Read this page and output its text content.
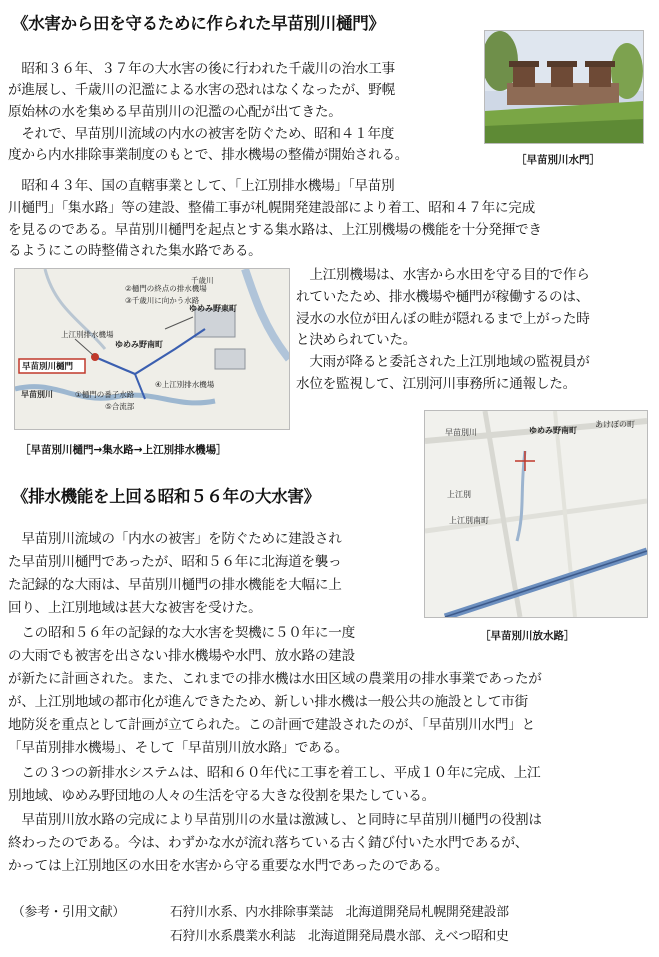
《水害から田を守るために作られた早苗別川樋門》
［早苗別川水門］
　昭和３６年、３７年の大水害の後に行われた千歳川の治水工事
が進展し、千歳川の氾濫による水害の恐れはなくなったが、野幌
原始林の水を集める早苗別川の氾濫の心配が出てきた。
　それで、早苗別川流域の内水の被害を防ぐため、昭和４１年度
度から内水排除事業制度のもとで、排水機場の整備が開始される。
　昭和４３年、国の直轄事業として、「上江別排水機場」「早苗別
川樋門」「集水路」等の建設、整備工事が札幌開発建設部により着工、昭和４７年に完成
を見るのである。早苗別川樋門を起点とする集水路は、上江別機場の機能を十分発揮でき
るようにこの時整備された集水路である。
　上江別機場は、水害から水田を守る目的で作ら
れていたため、排水機場や樋門が稼働するのは、
浸水の水位が田んぼの畦が隠れるまで上がった時
と決められていた。
　大雨が降ると委託された上江別地域の監視員が
水位を監視して、江別河川事務所に通報した。
千歳川
②樋門の終点の排水機場
③千歳川に向かう水路
ゆめみ野東町
ゆめみ野南町
上江別排水機場
④上江別排水機場
①樋門の番子水路
⑤合流部
早苗別川
早苗別川樋門
［早苗別川樋門→集水路→上江別排水機場］
《排水機能を上回る昭和５６年の大水害》
早苗別川	ゆめみ野南町
あけぼの町
上江別
上江別南町
［早苗別川放水路］
　早苗別川流域の「内水の被害」を防ぐために建設され
た早苗別川樋門であったが、昭和５６年に北海道を襲っ
た記録的な大雨は、早苗別川樋門の排水機能を大幅に上
回り、上江別地域は甚大な被害を受けた。
　この昭和５６年の記録的な大水害を契機に５０年に一度
の大雨でも被害を出さない排水機場や水門、放水路の建設
が新たに計画された。また、これまでの排水機は水田区域の農業用の排水事業であったが
が、上江別地域の都市化が進んできたため、新しい排水機は一般公共の施設として市街
地防災を重点として計画が立てられた。この計画で建設されたのが、「早苗別川水門」と
「早苗別排水機場」、そして「早苗別川放水路」である。
　この３つの新排水システムは、昭和６０年代に工事を着工し、平成１０年に完成、上江
別地域、ゆめみ野団地の人々の生活を守る大きな役割を果たしている。
　早苗別川放水路の完成により早苗別川の水量は激減し、と同時に早苗別川樋門の役割は
終わったのである。今は、わずかな水が流れ落ちている古く錆び付いた水門であるが、
かっては上江別地区の水田を水害から守る重要な水門であったのである。
（参考・引用文献）	石狩川水系、内水排除事業誌　北海道開発局札幌開発建設部
石狩川水系農業水利誌　北海道開発局農水部、えべつ昭和史
